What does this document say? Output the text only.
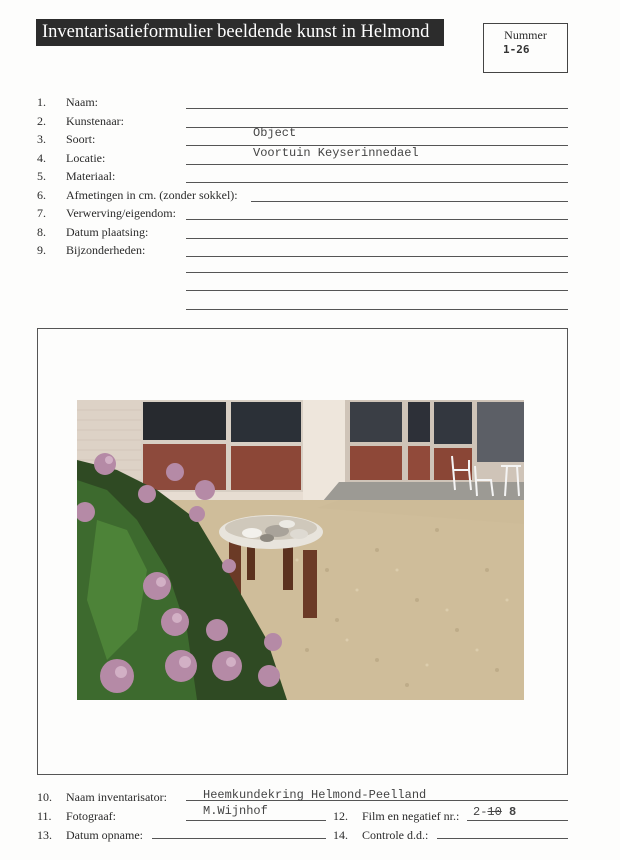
Inventarisatieformulier beeldende kunst in Helmond	Nummer
1-26
1. Naam:
2. Kunstenaar:
3. Soort:	Object
4. Locatie:	Voortuin Keyserinnedael
5. Materiaal:
6. Afmetingen in cm. (zonder sokkel):
7. Verwerving/eigendom:
8. Datum plaatsing:
9. Bijzonderheden:
10. Naam inventarisator:	Heemkundekring Helmond-Peelland
11. Fotograaf:	M.Wijnhof	12. Film en negatief nr.: 2-10 8
13. Datum opname:	14. Controle d.d.:
